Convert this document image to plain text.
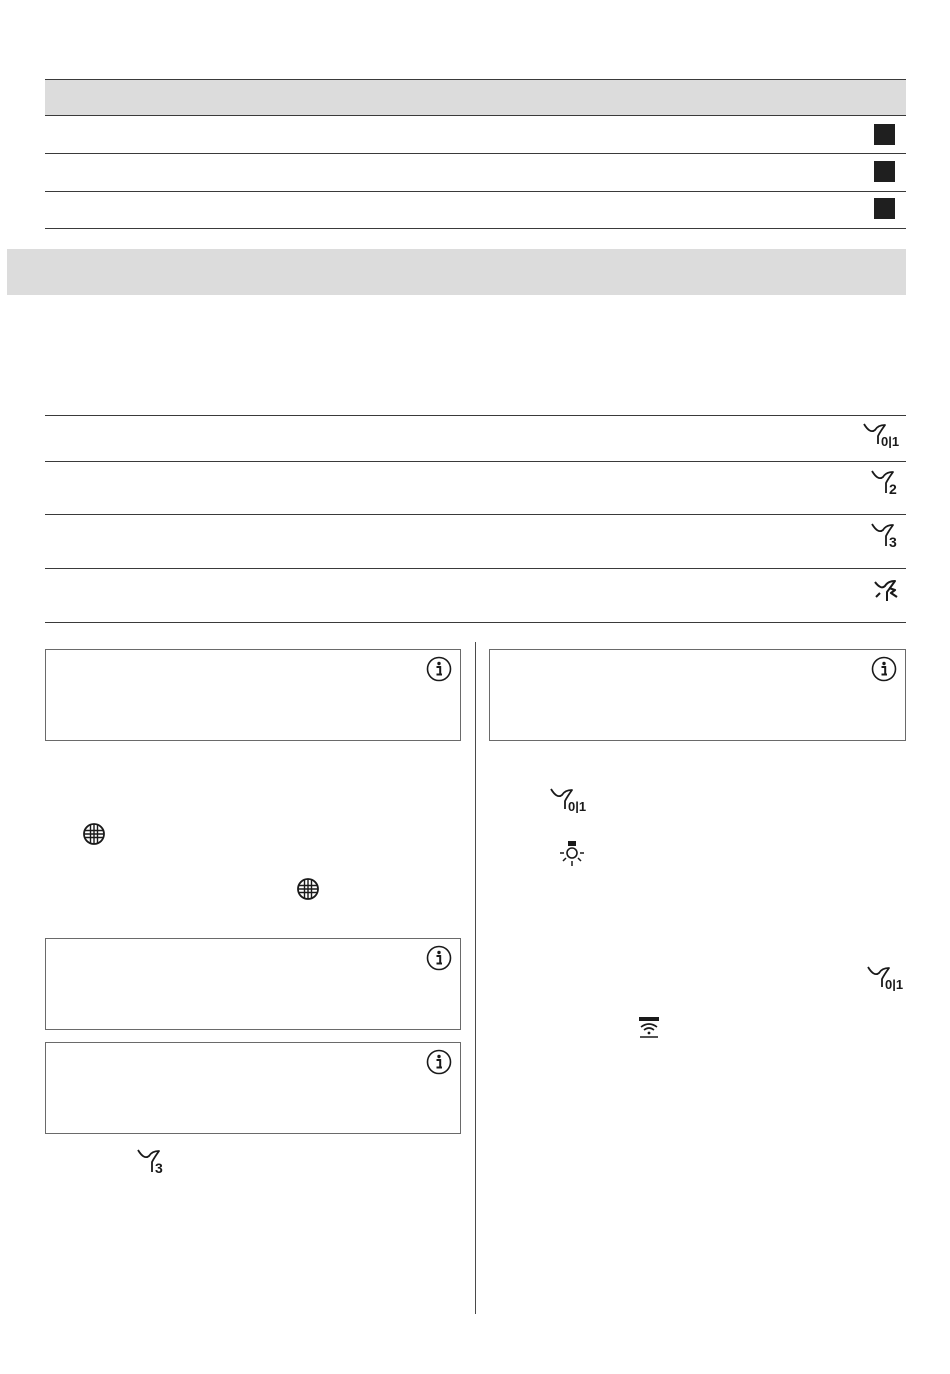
0|1
2
3
3
0|1
0|1
